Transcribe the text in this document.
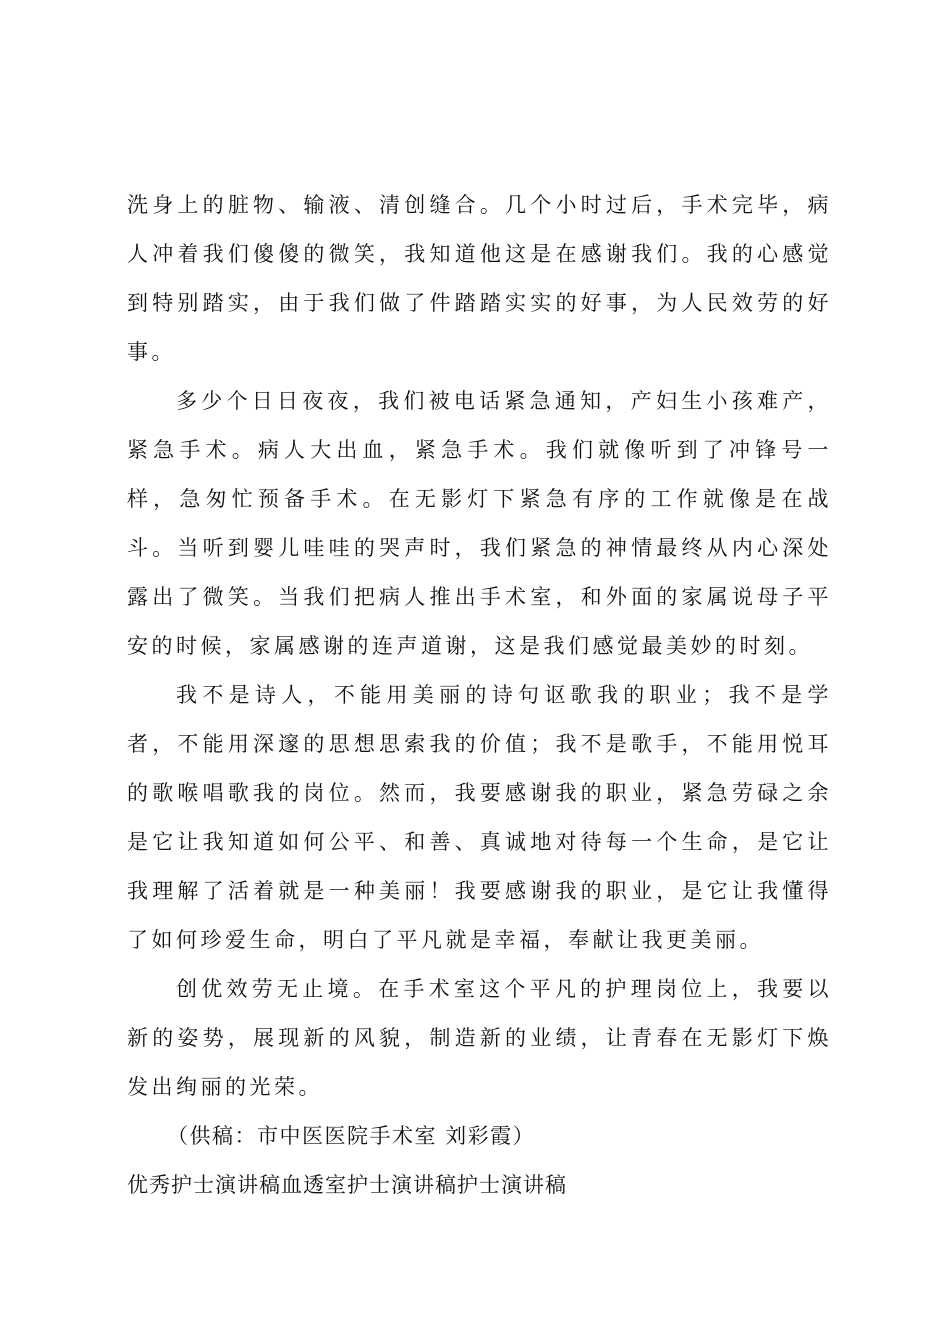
洗身上的脏物、输液、清创缝合。几个小时过后，手术完毕，病人冲着我们傻傻的微笑，我知道他这是在感谢我们。我的心感觉到特别踏实，由于我们做了件踏踏实实的好事，为人民效劳的好事。

多少个日日夜夜，我们被电话紧急通知，产妇生小孩难产，紧急手术。病人大出血，紧急手术。我们就像听到了冲锋号一样，急匆忙预备手术。在无影灯下紧急有序的工作就像是在战斗。当听到婴儿哇哇的哭声时，我们紧急的神情最终从内心深处露出了微笑。当我们把病人推出手术室，和外面的家属说母子平安的时候，家属感谢的连声道谢，这是我们感觉最美妙的时刻。

我不是诗人，不能用美丽的诗句讴歌我的职业；我不是学者，不能用深邃的思想思索我的价值；我不是歌手，不能用悦耳的歌喉唱歌我的岗位。然而，我要感谢我的职业，紧急劳碌之余是它让我知道如何公平、和善、真诚地对待每一个生命，是它让我理解了活着就是一种美丽！我要感谢我的职业，是它让我懂得了如何珍爱生命，明白了平凡就是幸福，奉献让我更美丽。

创优效劳无止境。在手术室这个平凡的护理岗位上，我要以新的姿势，展现新的风貌，制造新的业绩，让青春在无影灯下焕发出绚丽的光荣。

（供稿：市中医医院手术室 刘彩霞）

优秀护士演讲稿血透室护士演讲稿护士演讲稿
